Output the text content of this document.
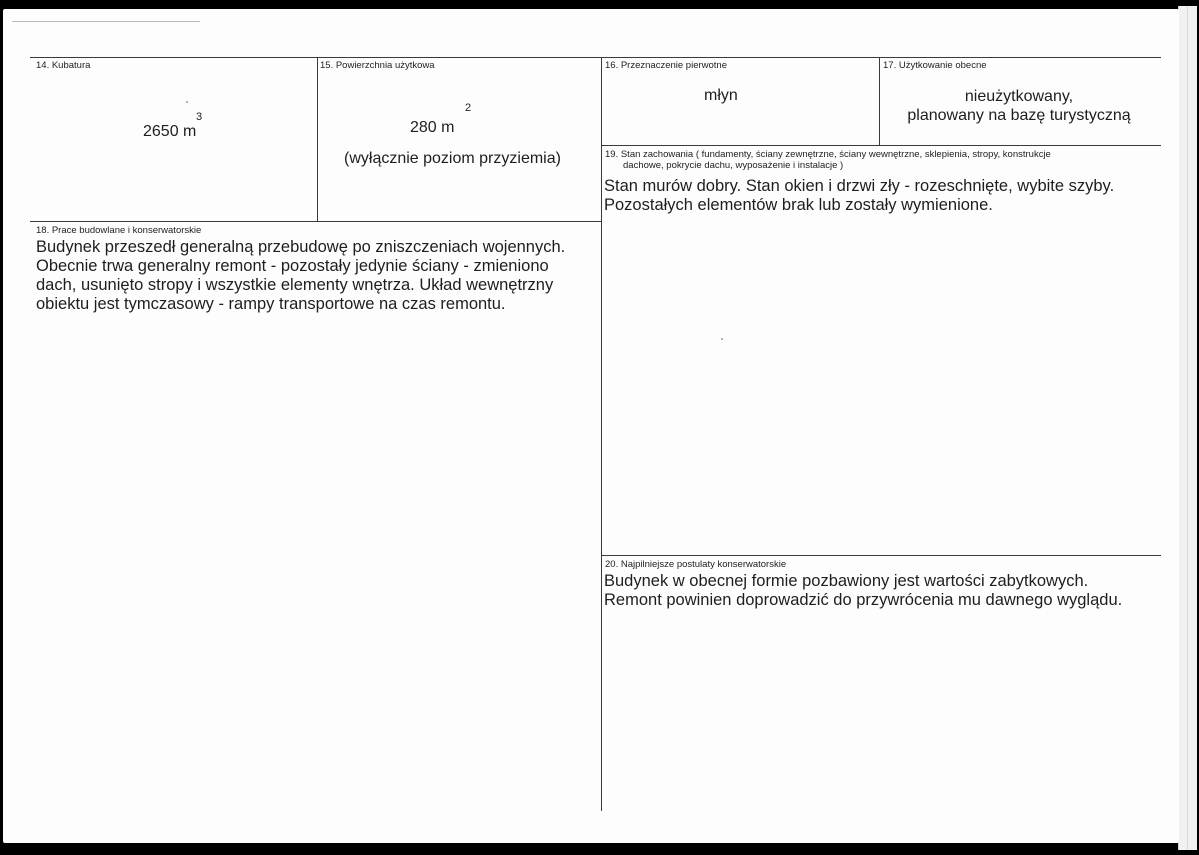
14. Kubatura
2650 m
3
15. Powierzchnia użytkowa
280 m
2
(wyłącznie poziom przyziemia)
16. Przeznaczenie pierwotne
młyn
17. Użytkowanie obecne
nieużytkowany,
planowany na bazę turystyczną
19. Stan zachowania ( fundamenty, ściany zewnętrzne, ściany wewnętrzne, sklepienia, stropy, konstrukcje
dachowe, pokrycie dachu, wyposażenie i instalacje )
Stan murów dobry. Stan okien i drzwi zły - rozeschnięte, wybite szyby.
Pozostałych elementów brak lub zostały wymienione.
18. Prace budowlane i konserwatorskie
Budynek przeszedł generalną przebudowę po zniszczeniach wojennych.
Obecnie trwa generalny remont - pozostały jedynie ściany - zmieniono
dach, usunięto stropy i wszystkie elementy wnętrza. Układ wewnętrzny
obiektu jest tymczasowy - rampy transportowe na czas remontu.
20. Najpilniejsze postulaty konserwatorskie
Budynek w obecnej formie pozbawiony jest wartości zabytkowych.
Remont powinien doprowadzić do przywrócenia mu dawnego wyglądu.
